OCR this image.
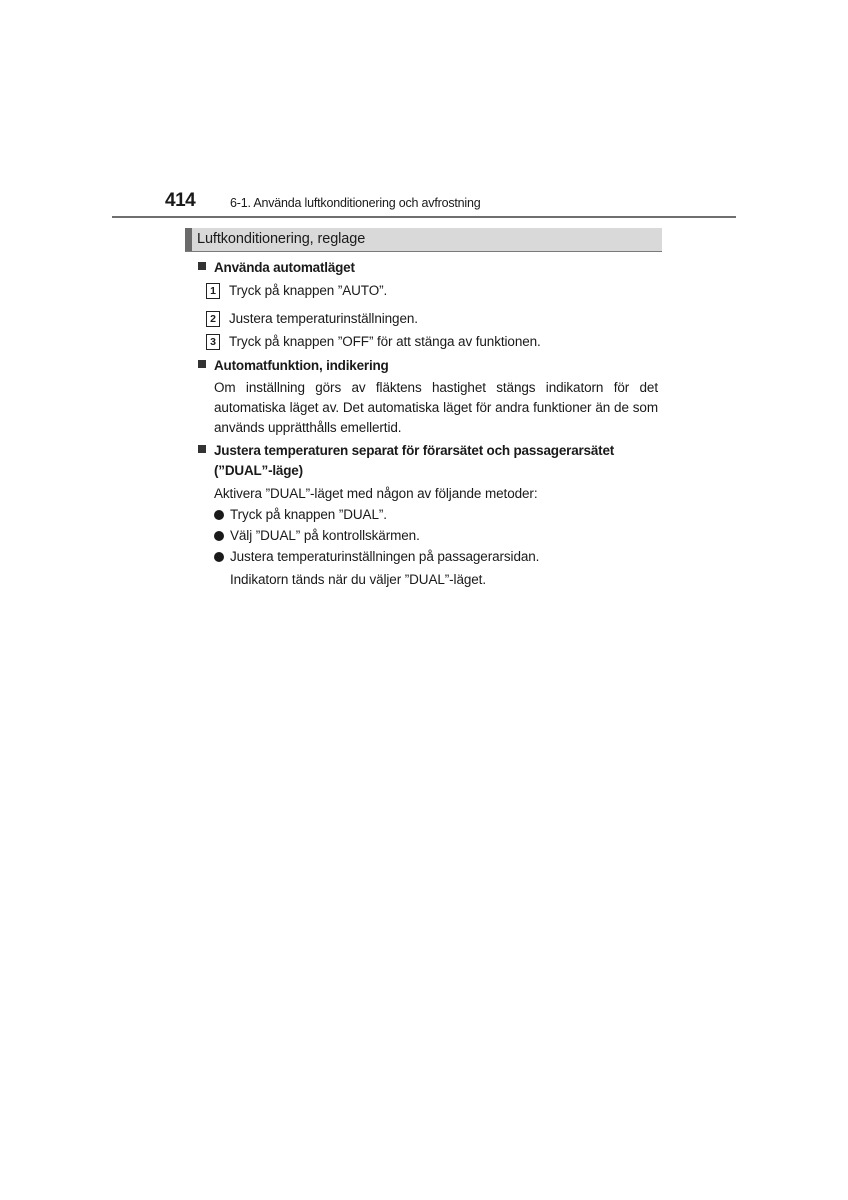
414	6-1. Använda luftkonditionering och avfrostning
Luftkonditionering, reglage
Använda automatläget
1 Tryck på knappen ”AUTO”.
2 Justera temperaturinställningen.
3 Tryck på knappen ”OFF” för att stänga av funktionen.
Automatfunktion, indikering
Om inställning görs av fläktens hastighet stängs indikatorn för det automatiska läget av. Det automatiska läget för andra funktioner än de som används upprätthålls emellertid.
Justera temperaturen separat för förarsätet och passagerarsätet (”DUAL”-läge)
Aktivera ”DUAL”-läget med någon av följande metoder:
Tryck på knappen ”DUAL”.
Välj ”DUAL” på kontrollskärmen.
Justera temperaturinställningen på passagerarsidan.
Indikatorn tänds när du väljer ”DUAL”-läget.
